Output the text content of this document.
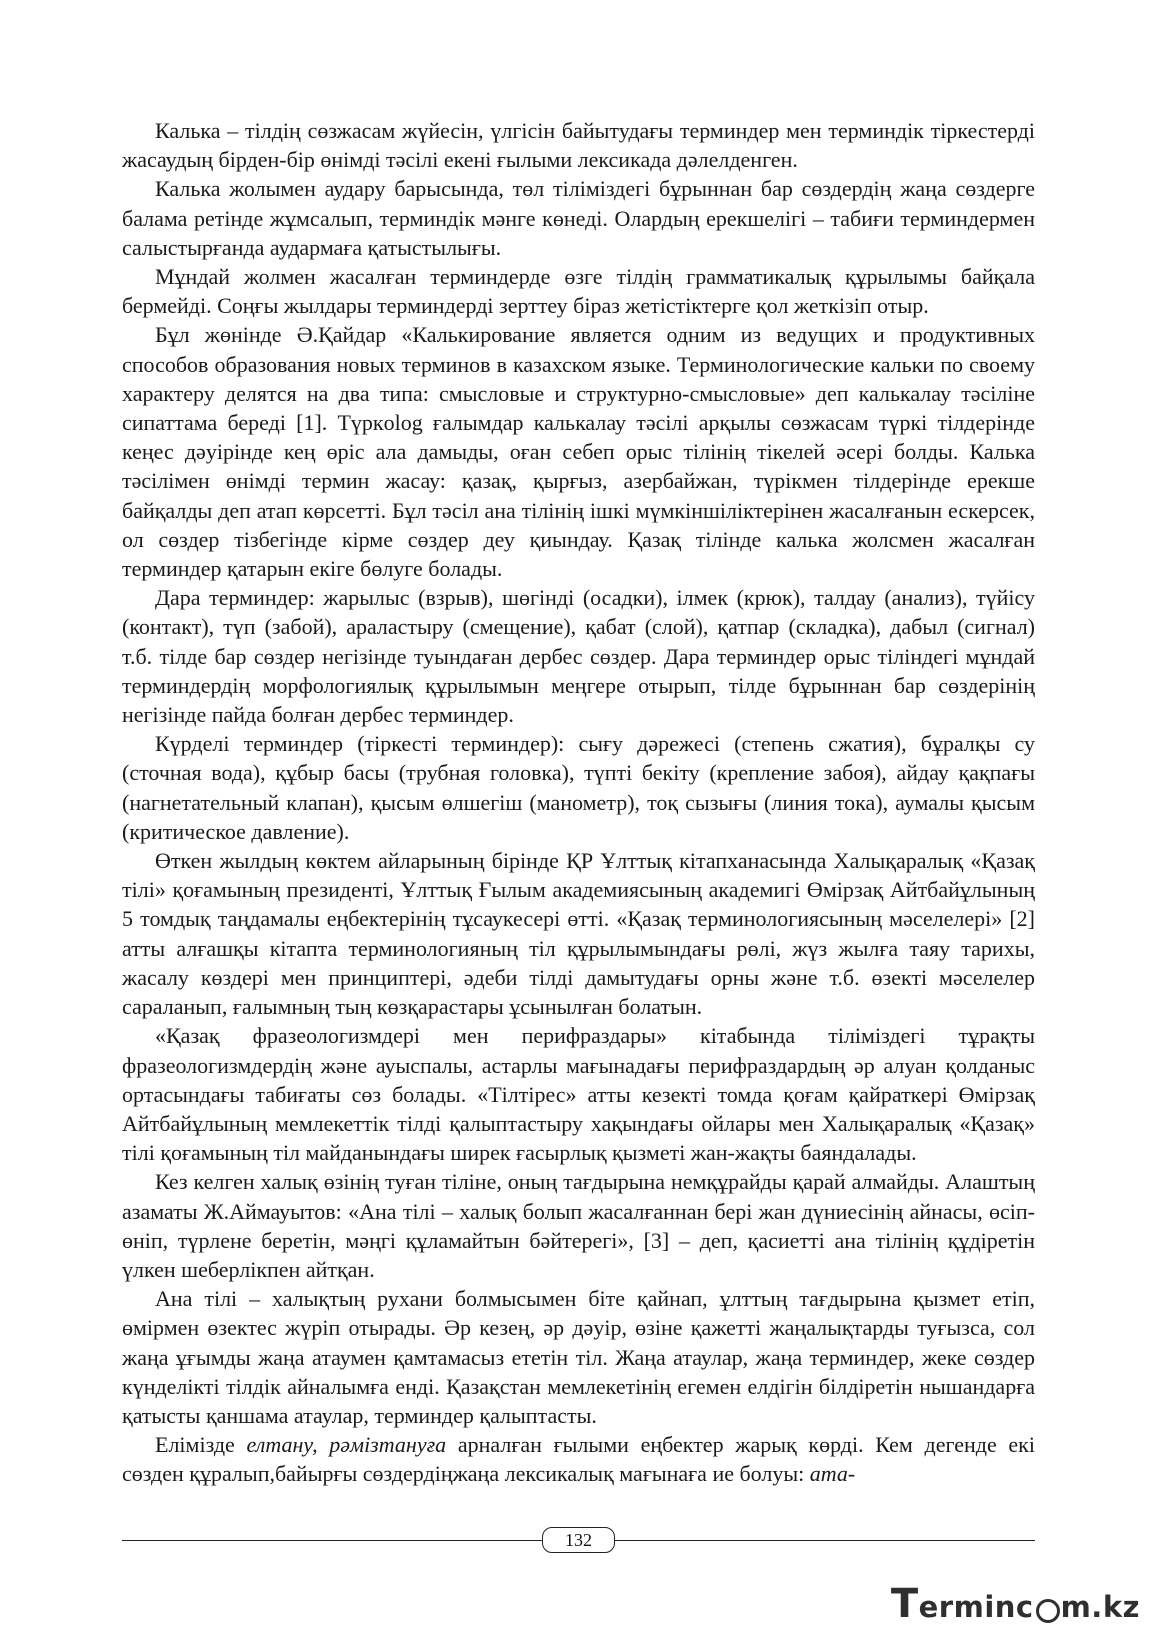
Калька – тілдің сөзжасам жүйесін, үлгісін байытудағы терминдер мен терминдік тіркестерді жасаудың бірден-бір өнімді тәсілі екені ғылыми лексикада дәлелденген.

Калька жолымен аудару барысында, төл тіліміздегі бұрыннан бар сөздердің жаңа сөздерге балама ретінде жұмсалып, терминдік мәнге көнеді. Олардың ерекшелігі – табиғи терминдермен салыстырғанда аудармаға қатыстылығы.

Мұндай жолмен жасалған терминдерде өзге тілдің грамматикалық құрылымы байқала бермейді. Соңғы жылдары терминдерді зерттеу біраз жетістіктерге қол жеткізіп отыр.

Бұл жөнінде Ә.Қайдар «Калькирование является одним из ведущих и продуктивных способов образования новых терминов в казахском языке. Терминологические кальки по своему характеру делятся на два типа: смысловые и структурно-смысловые» деп калькалау тәсіліне сипаттама береді [1]. Түркolog ғалымдар калькалау тәсілі арқылы сөзжасам түркі тілдерінде кеңес дәуірінде кең өріс ала дамыды, оған себеп орыс тілінің тікелей әсері болды. Калька тәсілімен өнімді термин жасау: қазақ, қырғыз, азербайжан, түрікмен тілдерінде ерекше байқалды деп атап көрсетті. Бұл тәсіл ана тілінің ішкі мүмкіншіліктерінен жасалғанын ескерсек, ол сөздер тізбегінде кірме сөздер деу қиындау. Қазақ тілінде калька жолсмен жасалған терминдер қатарын екіге бөлуге болады.

Дара терминдер: жарылыс (взрыв), шөгінді (осадки), ілмек (крюк), талдау (анализ), түйісу (контакт), түп (забой), араластыру (смещение), қабат (слой), қатпар (складка), дабыл (сигнал) т.б. тілде бар сөздер негізінде туындаған дербес сөздер. Дара терминдер орыс тіліндегі мұндай терминдердің морфологиялық құрылымын меңгере отырып, тілде бұрыннан бар сөздерінің негізінде пайда болған дербес терминдер.

Күрделі терминдер (тіркесті терминдер): сығу дәрежесі (степень сжатия), бұралқы су (сточная вода), құбыр басы (трубная головка), түпті бекіту (крепление забоя), айдау қақпағы (нагнетательный клапан), қысым өлшегіш (манометр), тоқ сызығы (линия тока), аумалы қысым (критическое давление).

Өткен жылдың көктем айларының бірінде ҚР Ұлттық кітапханасында Халықаралық «Қазақ тілі» қоғамының президенті, Ұлттық Ғылым академиясының академигі Өмірзақ Айтбайұлының 5 томдық таңдамалы еңбектерінің тұсаукесері өтті. «Қазақ терминологиясының мәселелері» [2] атты алғашқы кітапта терминологияның тіл құрылымындағы рөлі, жүз жылға таяу тарихы, жасалу көздері мен принциптері, әдеби тілді дамытудағы орны және т.б. өзекті мәселелер сараланып, ғалымның тың көзқарастары ұсынылған болатын.

«Қазақ фразеологизмдері мен перифраздары» кітабында тіліміздегі тұрақты фразеологизмдердің және ауыспалы, астарлы мағынадағы перифраздардың әр алуан қолданыс ортасындағы табиғаты сөз болады. «Тілтірес» атты кезекті томда қоғам қайраткері Өмірзақ Айтбайұлының мемлекеттік тілді қалыптастыру хақындағы ойлары мен Халықаралық «Қазақ» тілі қоғамының тіл майданындағы ширек ғасырлық қызметі жан-жақты баяндалады.

Кез келген халық өзінің туған тіліне, оның тағдырына немқұрайды қарай алмайды. Алаштың азаматы Ж.Аймауытов: «Ана тілі – халық болып жасалғаннан бері жан дүниесінің айнасы, өсіп-өніп, түрлене беретін, мәңгі құламайтын бәйтерегі», [3] – деп, қасиетті ана тілінің құдіретін үлкен шеберлікпен айтқан.

Ана тілі – халықтың рухани болмысымен біте қайнап, ұлттың тағдырына қызмет етіп, өмірмен өзектес жүріп отырады. Әр кезең, әр дәуір, өзіне қажетті жаңалықтарды туғызса, сол жаңа ұғымды жаңа атаумен қамтамасыз ететін тіл. Жаңа атаулар, жаңа терминдер, жеке сөздер күнделікті тілдік айналымға енді. Қазақстан мемлекетінің егемен елдігін білдіретін нышандарға қатысты қаншама атаулар, терминдер қалыптасты.

Елімізде елтану, рәмізтануға арналған ғылыми еңбектер жарық көрді. Кем дегенде екі сөзден құралып,байырғы сөздердіңжаңа лексикалық мағынаға ие болуы: ата-

132
T erminc m.kz
